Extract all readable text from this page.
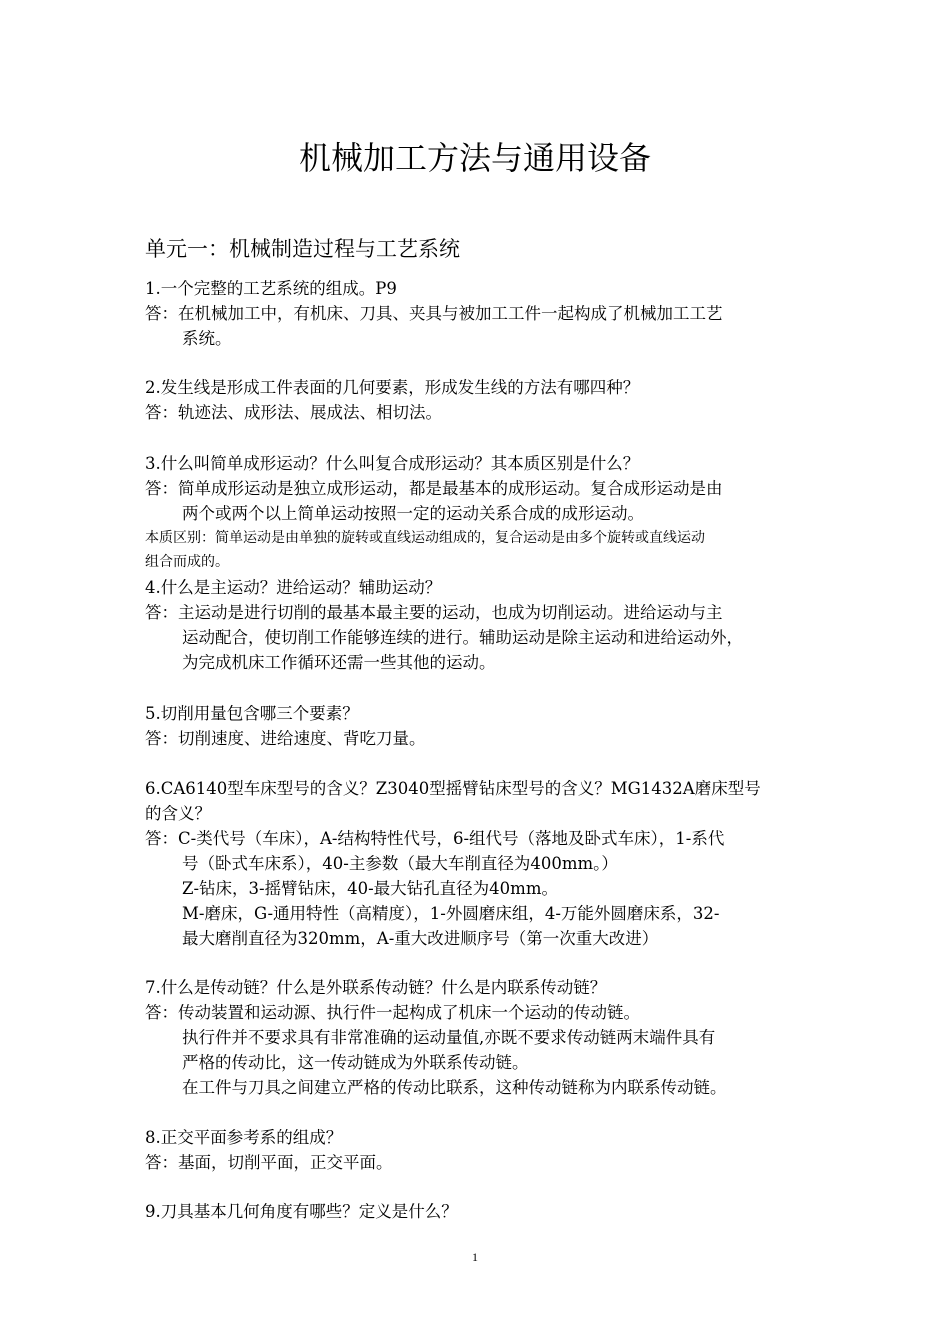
机械加工方法与通用设备
单元一：机械制造过程与工艺系统
1.一个完整的工艺系统的组成。P9
答：在机械加工中，有机床、刀具、夹具与被加工工件一起构成了机械加工工艺
系统。
2.发生线是形成工件表面的几何要素，形成发生线的方法有哪四种？
答：轨迹法、成形法、展成法、相切法。
3.什么叫简单成形运动？什么叫复合成形运动？其本质区别是什么？
答：简单成形运动是独立成形运动，都是最基本的成形运动。复合成形运动是由
两个或两个以上简单运动按照一定的运动关系合成的成形运动。
本质区别：简单运动是由单独的旋转或直线运动组成的，复合运动是由多个旋转或直线运动
组合而成的。
4.什么是主运动？进给运动？辅助运动？
答：主运动是进行切削的最基本最主要的运动，也成为切削运动。进给运动与主
运动配合，使切削工作能够连续的进行。辅助运动是除主运动和进给运动外，
为完成机床工作循环还需一些其他的运动。
5.切削用量包含哪三个要素？
答：切削速度、进给速度、背吃刀量。
6.CA6140型车床型号的含义？Z3040型摇臂钻床型号的含义？MG1432A磨床型号
的含义？
答：C-类代号（车床），A-结构特性代号，6-组代号（落地及卧式车床），1-系代
号（卧式车床系），40-主参数（最大车削直径为400mm。）
Z-钻床，3-摇臂钻床，40-最大钻孔直径为40mm。
M-磨床，G-通用特性（高精度），1-外圆磨床组，4-万能外圆磨床系，32-
最大磨削直径为320mm，A-重大改进顺序号（第一次重大改进）
7.什么是传动链？什么是外联系传动链？什么是内联系传动链？
答：传动装置和运动源、执行件一起构成了机床一个运动的传动链。
执行件并不要求具有非常准确的运动量值,亦既不要求传动链两末端件具有
严格的传动比，这一传动链成为外联系传动链。
在工件与刀具之间建立严格的传动比联系，这种传动链称为内联系传动链。
8.正交平面参考系的组成？
答：基面，切削平面，正交平面。
9.刀具基本几何角度有哪些？定义是什么？
1
